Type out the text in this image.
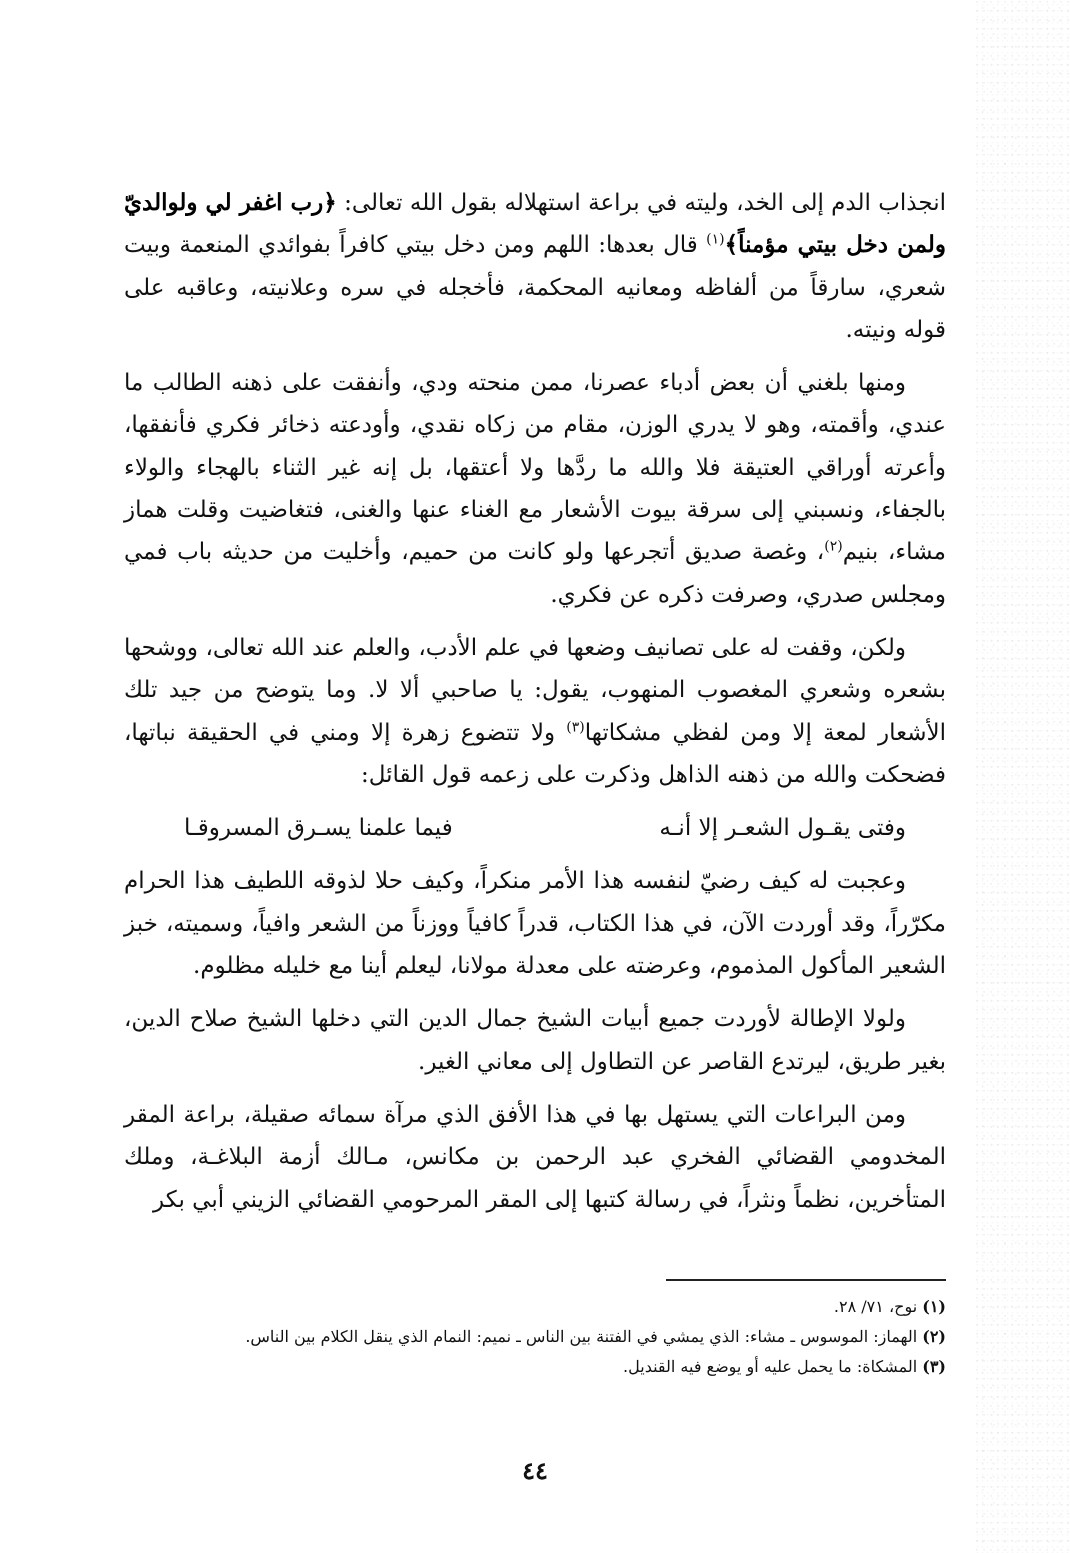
انجذاب الدم إلى الخد، وليته في براعة استهلاله بقول الله تعالى: ﴿رب اغفر لي ولوالديّ ولمن دخل بيتي مؤمناً﴾$^{(١)}$ قال بعدها: اللهم ومن دخل بيتي كافراً بفوائدي المنعمة وبيت شعري، سارقاً من ألفاظه ومعانيه المحكمة، فأخجله في سره وعلانيته، وعاقبه على قوله ونيته.

ومنها بلغني أن بعض أدباء عصرنا، ممن منحته ودي، وأنفقت على ذهنه الطالب ما عندي، وأقمته، وهو لا يدري الوزن، مقام من زكاه نقدي، وأودعته ذخائر فكري فأنفقها، وأعرته أوراقي العتيقة فلا والله ما ردَّها ولا أعتقها، بل إنه غير الثناء بالهجاء والولاء بالجفاء، ونسبني إلى سرقة بيوت الأشعار مع الغناء عنها والغنى، فتغاضيت وقلت هماز مشاء، بنيم$^{(٢)}$، وغصة صديق أتجرعها ولو كانت من حميم، وأخليت من حديثه باب فمي ومجلس صدري، وصرفت ذكره عن فكري.

ولكن، وقفت له على تصانيف وضعها في علم الأدب، والعلم عند الله تعالى، ووشحها بشعره وشعري المغصوب المنهوب، يقول: يا صاحبي ألا لا. وما يتوضح من جيد تلك الأشعار لمعة إلا ومن لفظي مشكاتها$^{(٣)}$ ولا تتضوع زهرة إلا ومني في الحقيقة نباتها، فضحكت والله من ذهنه الذاهل وذكرت على زعمه قول القائل:

وفتى يقـول الشعـر إلا أنـه
فيما علمنا يسـرق المسروقـا

وعجبت له كيف رضيّ لنفسه هذا الأمر منكراً، وكيف حلا لذوقه اللطيف هذا الحرام مكرّراً، وقد أوردت الآن، في هذا الكتاب، قدراً كافياً ووزناً من الشعر وافياً، وسميته، خبز الشعير المأكول المذموم، وعرضته على معدلة مولانا، ليعلم أينا مع خليله مظلوم.

ولولا الإطالة لأوردت جميع أبيات الشيخ جمال الدين التي دخلها الشيخ صلاح الدين، بغير طريق، ليرتدع القاصر عن التطاول إلى معاني الغير.

ومن البراعات التي يستهل بها في هذا الأفق الذي مرآة سمائه صقيلة، براعة المقر المخدومي القضائي الفخري عبد الرحمن بن مكانس، مـالك أزمة البلاغـة، وملك المتأخرين، نظماً ونثراً، في رسالة كتبها إلى المقر المرحومي القضائي الزيني أبي بكر

(١) نوح، ٧١/ ٢٨.

(٢) الهماز: الموسوس ـ مشاء: الذي يمشي في الفتنة بين الناس ـ نميم: النمام الذي ينقل الكلام بين الناس.

(٣) المشكاة: ما يحمل عليه أو يوضع فيه القنديل.

٤٤
